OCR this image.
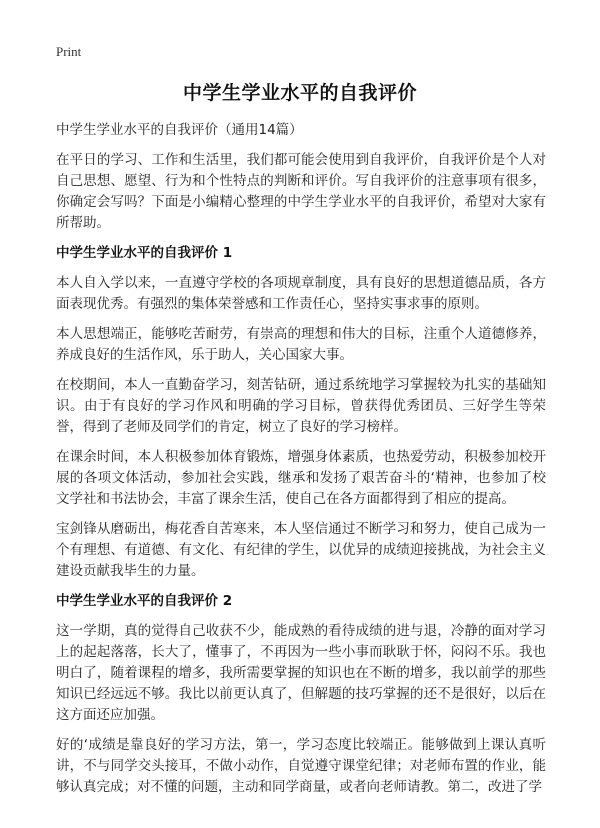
Print
中学生学业水平的自我评价

中学生学业水平的自我评价（通用14篇）

在平日的学习、工作和生活里，我们都可能会使用到自我评价，自我评价是个人对自己思想、愿望、行为和个性特点的判断和评价。写自我评价的注意事项有很多，你确定会写吗？下面是小编精心整理的中学生学业水平的自我评价，希望对大家有所帮助。

中学生学业水平的自我评价 1

本人自入学以来，一直遵守学校的各项规章制度，具有良好的思想道德品质，各方面表现优秀。有强烈的集体荣誉感和工作责任心，坚持实事求事的原则。

本人思想端正，能够吃苦耐劳，有崇高的理想和伟大的目标，注重个人道德修养，养成良好的生活作风，乐于助人，关心国家大事。

在校期间，本人一直勤奋学习，刻苦钻研，通过系统地学习掌握较为扎实的基础知识。由于有良好的学习作风和明确的学习目标，曾获得优秀团员、三好学生等荣誉，得到了老师及同学们的肯定，树立了良好的学习榜样。

在课余时间，本人积极参加体育锻炼，增强身体素质，也热爱劳动，积极参加校开展的各项文体活动，参加社会实践，继承和发扬了艰苦奋斗的‘精神，也参加了校文学社和书法协会，丰富了课余生活，使自己在各方面都得到了相应的提高。

宝剑锋从磨砺出，梅花香自苦寒来，本人坚信通过不断学习和努力，使自己成为一个有理想、有道德、有文化、有纪律的学生，以优异的成绩迎接挑战，为社会主义建设贡献我毕生的力量。

中学生学业水平的自我评价 2

这一学期，真的觉得自己收获不少，能成熟的看待成绩的进与退，冷静的面对学习上的起起落落，长大了，懂事了，不再因为一些小事而耿耿于怀，闷闷不乐。我也明白了，随着课程的增多，我所需要掌握的知识也在不断的增多，我以前学的那些知识已经远远不够。我比以前更认真了，但解题的技巧掌握的还不是很好，以后在这方面还应加强。

好的‘成绩是靠良好的学习方法，第一，学习态度比较端正。能够做到上课认真听讲，不与同学交头接耳，不做小动作，自觉遵守课堂纪律；对老师布置的作业，能够认真完成；对不懂的问题，主动和同学商量，或者向老师请教。第二，改进了学
